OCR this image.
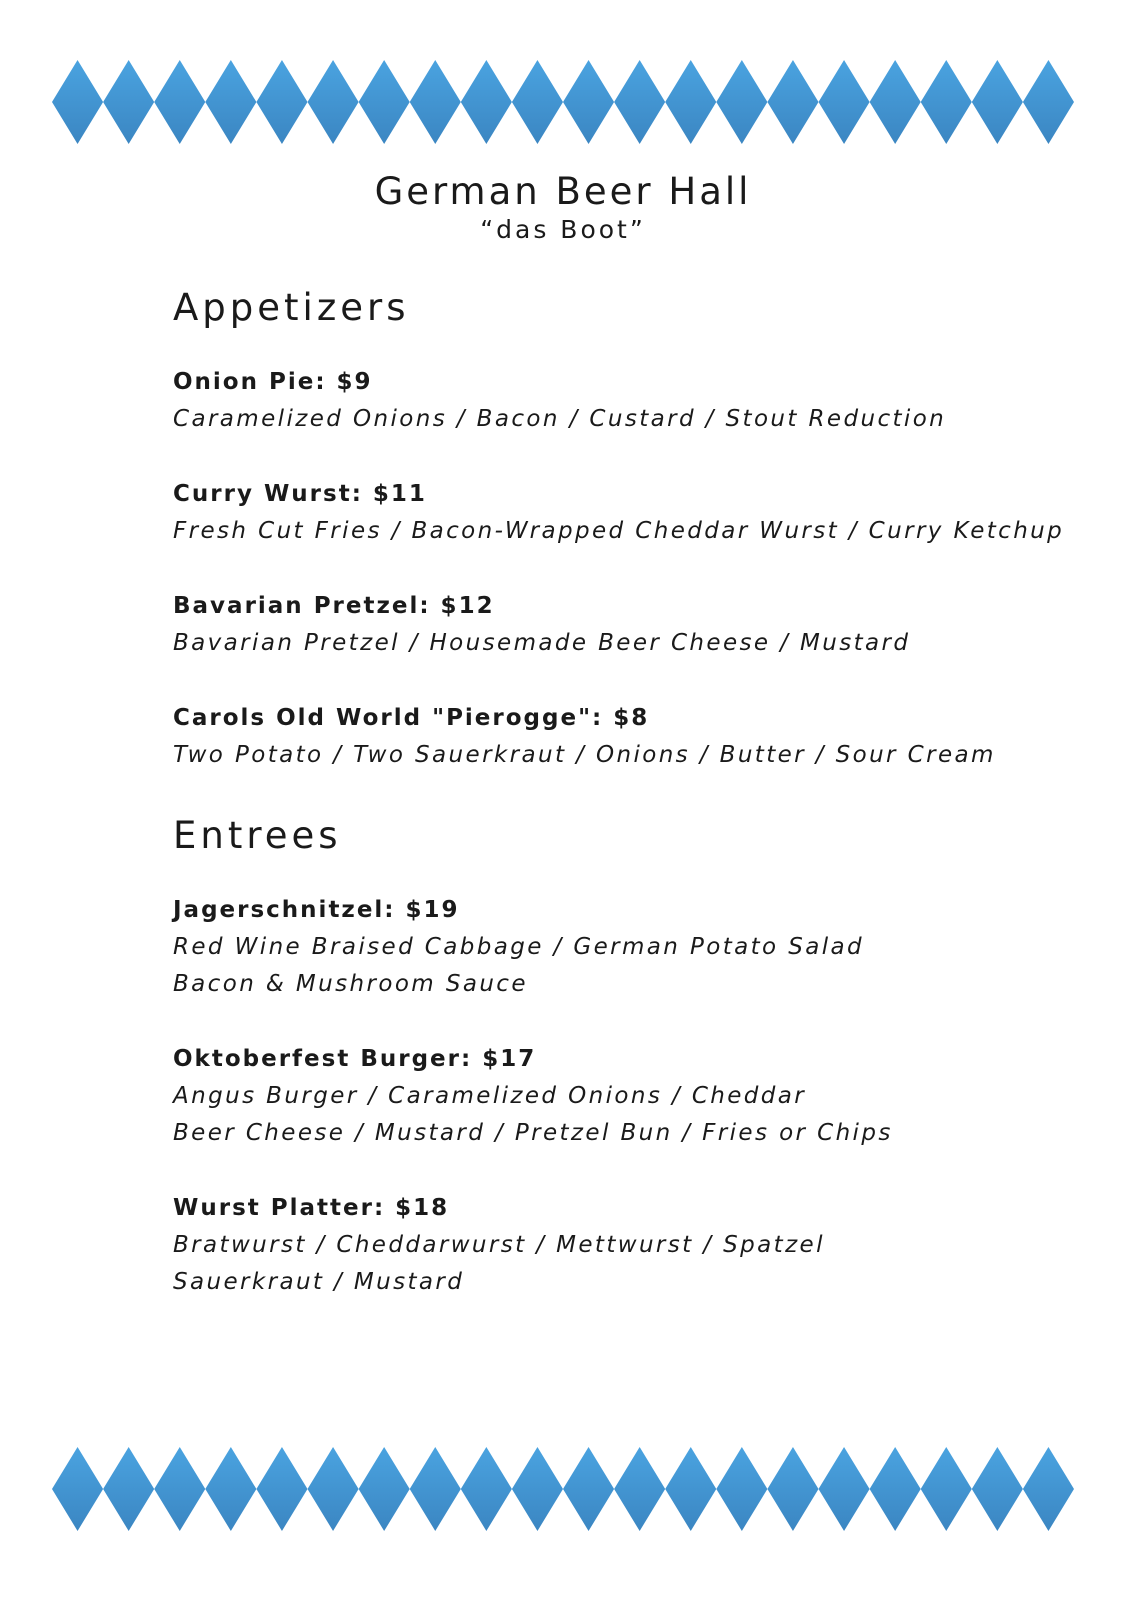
German Beer Hall
“das Boot”
Appetizers
Onion Pie: $9
Caramelized Onions / Bacon / Custard / Stout Reduction
Curry Wurst: $11
Fresh Cut Fries / Bacon-Wrapped Cheddar Wurst / Curry Ketchup
Bavarian Pretzel: $12
Bavarian Pretzel / Housemade Beer Cheese / Mustard
Carols Old World "Pierogge": $8
Two Potato / Two Sauerkraut / Onions / Butter / Sour Cream
Entrees
Jagerschnitzel: $19
Red Wine Braised Cabbage / German Potato Salad
Bacon & Mushroom Sauce
Oktoberfest Burger: $17
Angus Burger / Caramelized Onions / Cheddar
Beer Cheese / Mustard / Pretzel Bun / Fries or Chips
Wurst Platter: $18
Bratwurst / Cheddarwurst / Mettwurst / Spatzel
Sauerkraut / Mustard
